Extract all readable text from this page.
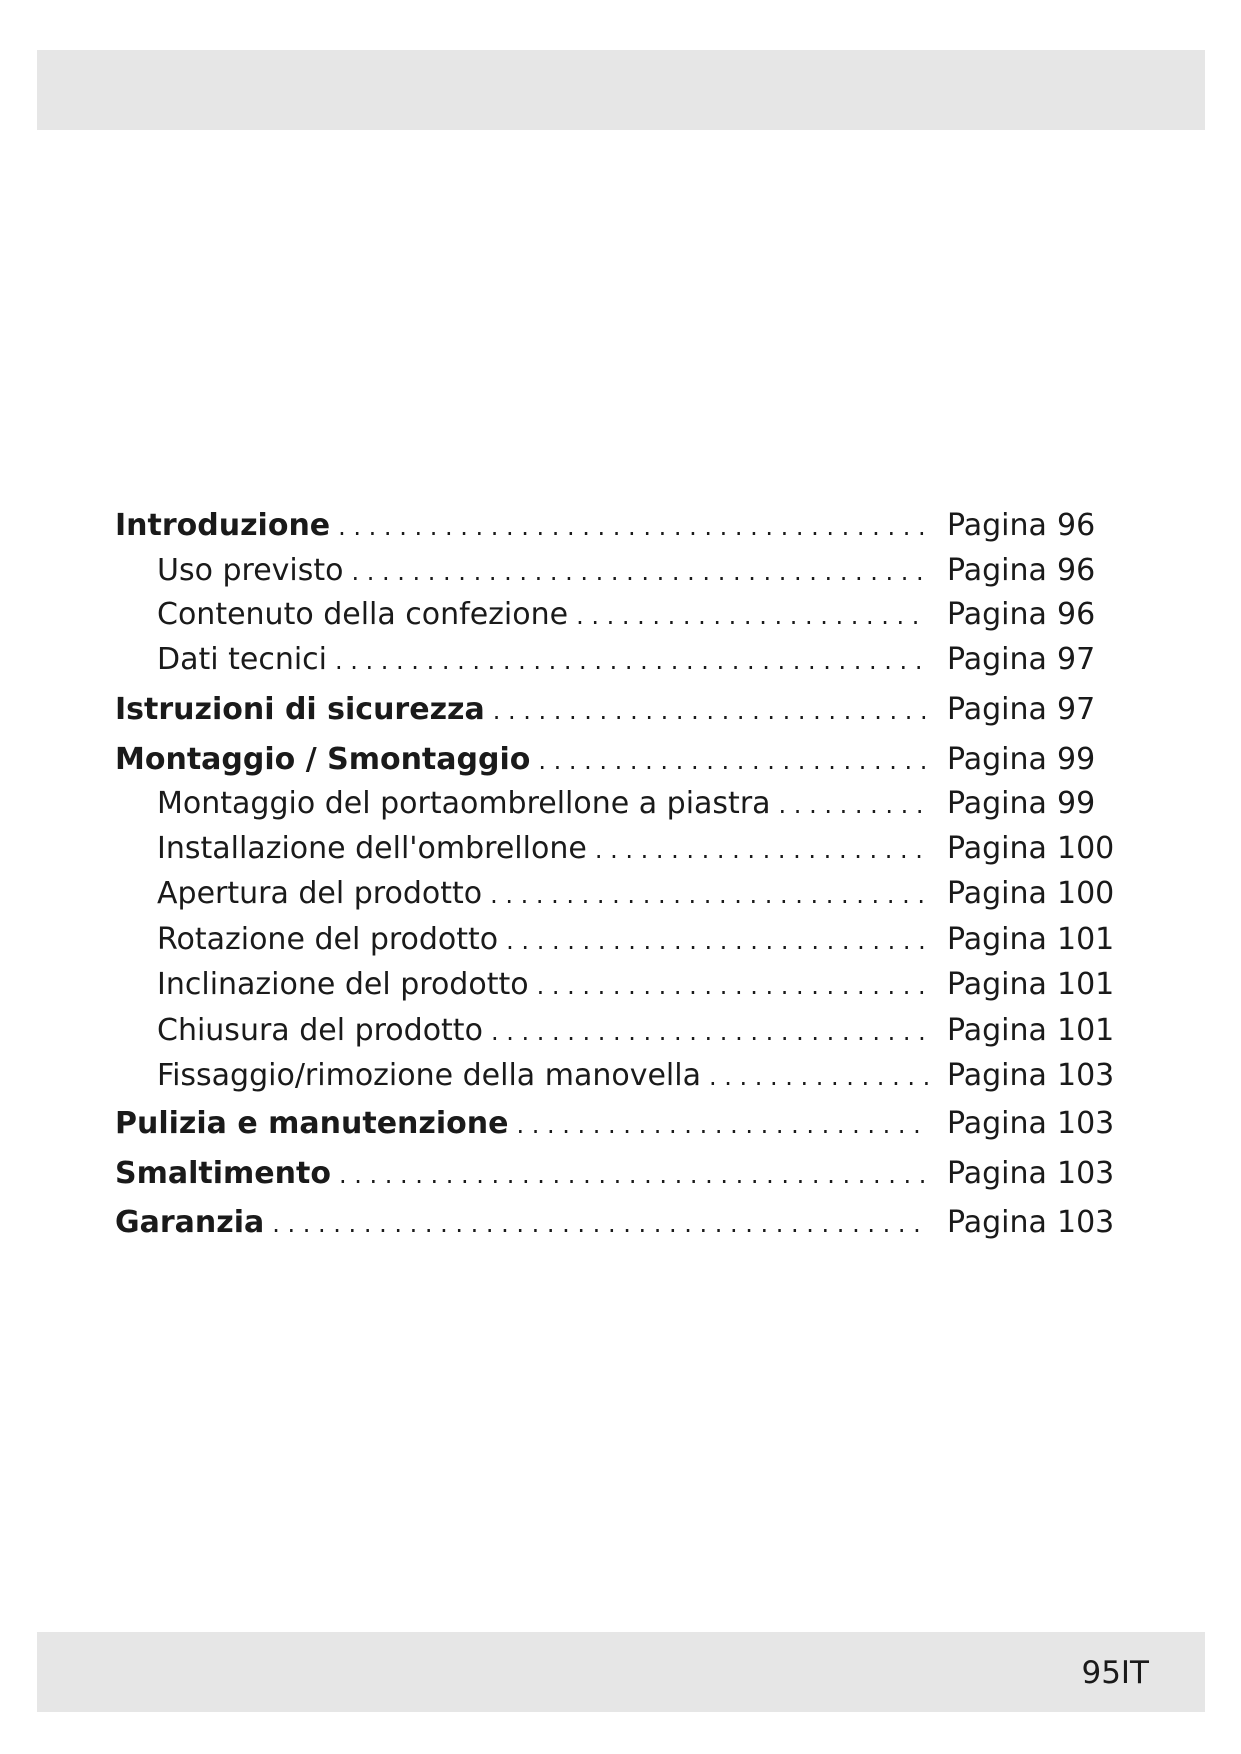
Introduzione . . .	Pagina 96
Uso previsto . . .	Pagina 96
Contenuto della confezione . . .	Pagina 96
Dati tecnici . . .	Pagina 97
Istruzioni di sicurezza . . .	Pagina 97
Montaggio / Smontaggio . . .	Pagina 99
Montaggio del portaombrellone a piastra . . .	Pagina 99
Installazione dell'ombrellone . . .	Pagina 100
Apertura del prodotto . . .	Pagina 100
Rotazione del prodotto . . .	Pagina 101
Inclinazione del prodotto . . .	Pagina 101
Chiusura del prodotto . . .	Pagina 101
Fissaggio/rimozione della manovella . . .	Pagina 103
Pulizia e manutenzione . . .	Pagina 103
Smaltimento . . .	Pagina 103
Garanzia . . .	Pagina 103
95IT
